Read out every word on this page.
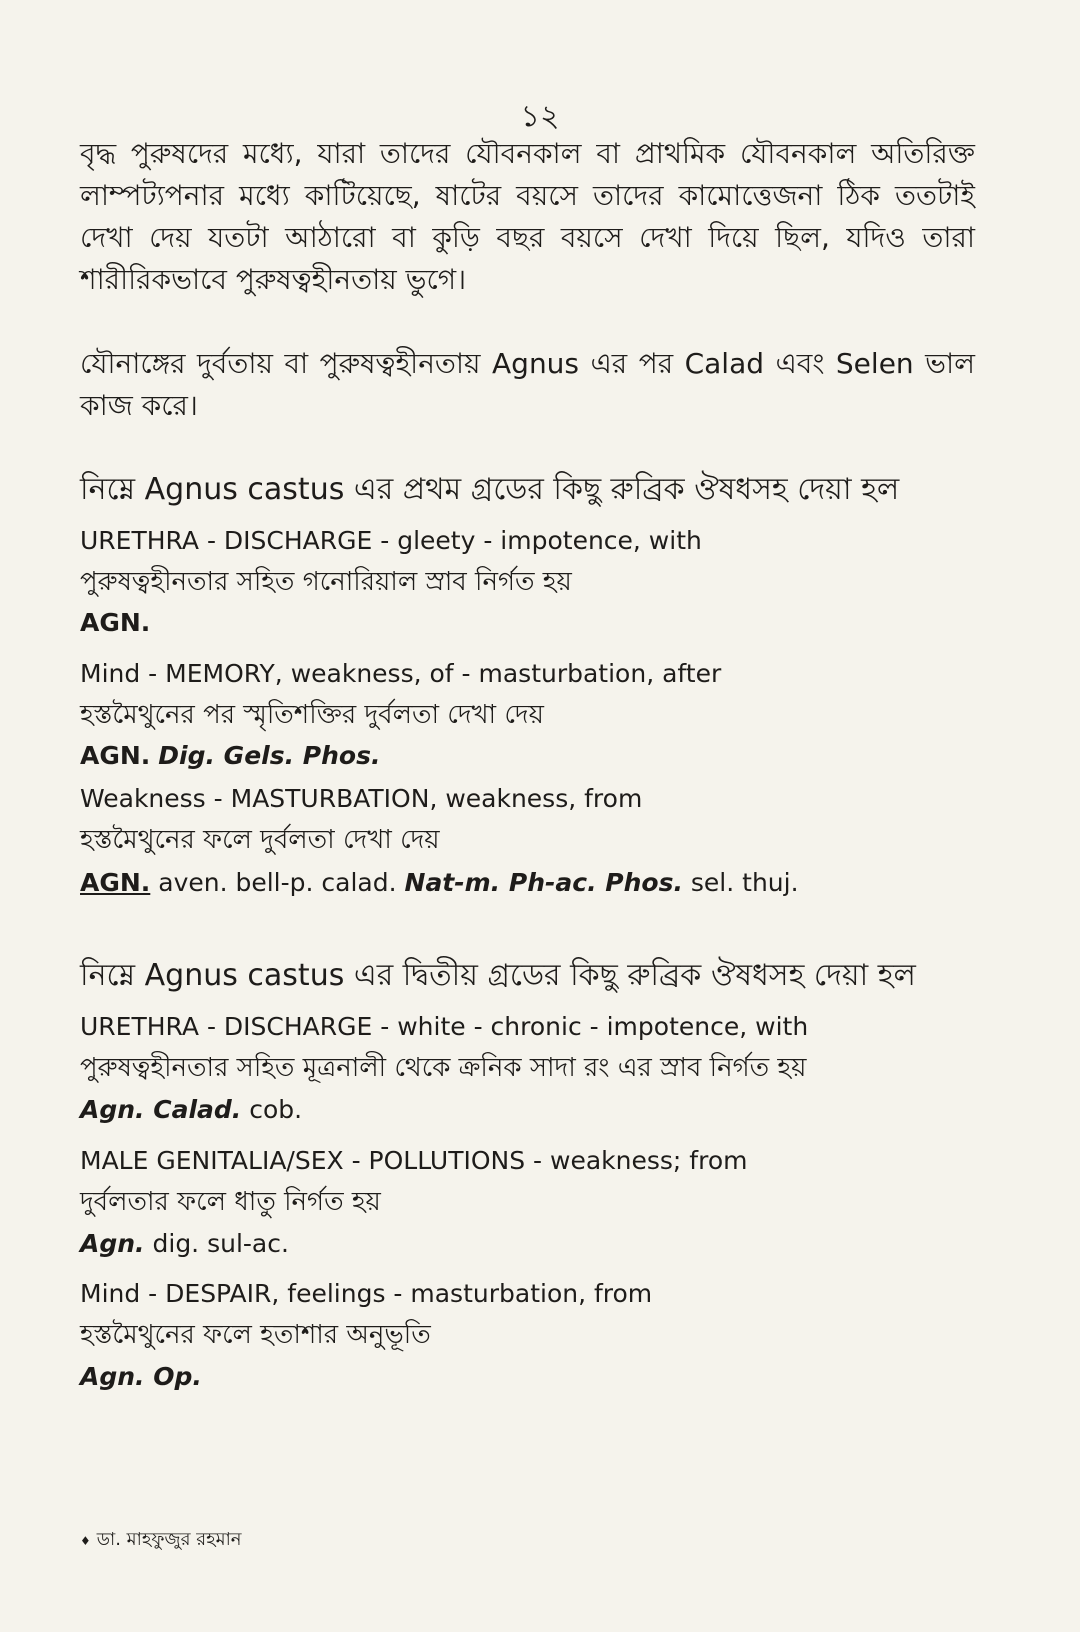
১২

বৃদ্ধ পুরুষদের মধ্যে, যারা তাদের যৌবনকাল বা প্রাথমিক যৌবনকাল অতিরিক্ত লাম্পট্যপনার মধ্যে কাটিয়েছে, ষাটের বয়সে তাদের কামোত্তেজনা ঠিক ততটাই দেখা দেয় যতটা আঠারো বা কুড়ি বছর বয়সে দেখা দিয়ে ছিল, যদিও তারা শারীরিকভাবে পুরুষত্বহীনতায় ভুগে।

যৌনাঙ্গের দুর্বতায় বা পুরুষত্বহীনতায় Agnus এর পর Calad এবং Selen ভাল কাজ করে।

নিম্নে Agnus castus এর প্রথম গ্রডের কিছু রুব্রিক ঔষধসহ দেয়া হল
URETHRA - DISCHARGE - gleety - impotence, with
পুরুষত্বহীনতার সহিত গনোরিয়াল স্রাব নির্গত হয়
AGN.
Mind - MEMORY, weakness, of - masturbation, after
হস্তমৈথুনের পর স্মৃতিশক্তির দুর্বলতা দেখা দেয়
AGN. Dig. Gels. Phos.
Weakness - MASTURBATION, weakness, from
হস্তমৈথুনের ফলে দুর্বলতা দেখা দেয়
AGN. aven. bell-p. calad. Nat-m. Ph-ac. Phos. sel. thuj.
নিম্নে Agnus castus এর দ্বিতীয় গ্রডের কিছু রুব্রিক ঔষধসহ দেয়া হল
URETHRA - DISCHARGE - white - chronic - impotence, with
পুরুষত্বহীনতার সহিত মূত্রনালী থেকে ক্রনিক সাদা রং এর স্রাব নির্গত হয়
Agn. Calad. cob.
MALE GENITALIA/SEX - POLLUTIONS - weakness; from
দুর্বলতার ফলে ধাতু নির্গত হয়
Agn. dig. sul-ac.
Mind - DESPAIR, feelings - masturbation, from
হস্তমৈথুনের ফলে হতাশার অনুভূতি
Agn. Op.
♦ ডা. মাহফুজুর রহমান
